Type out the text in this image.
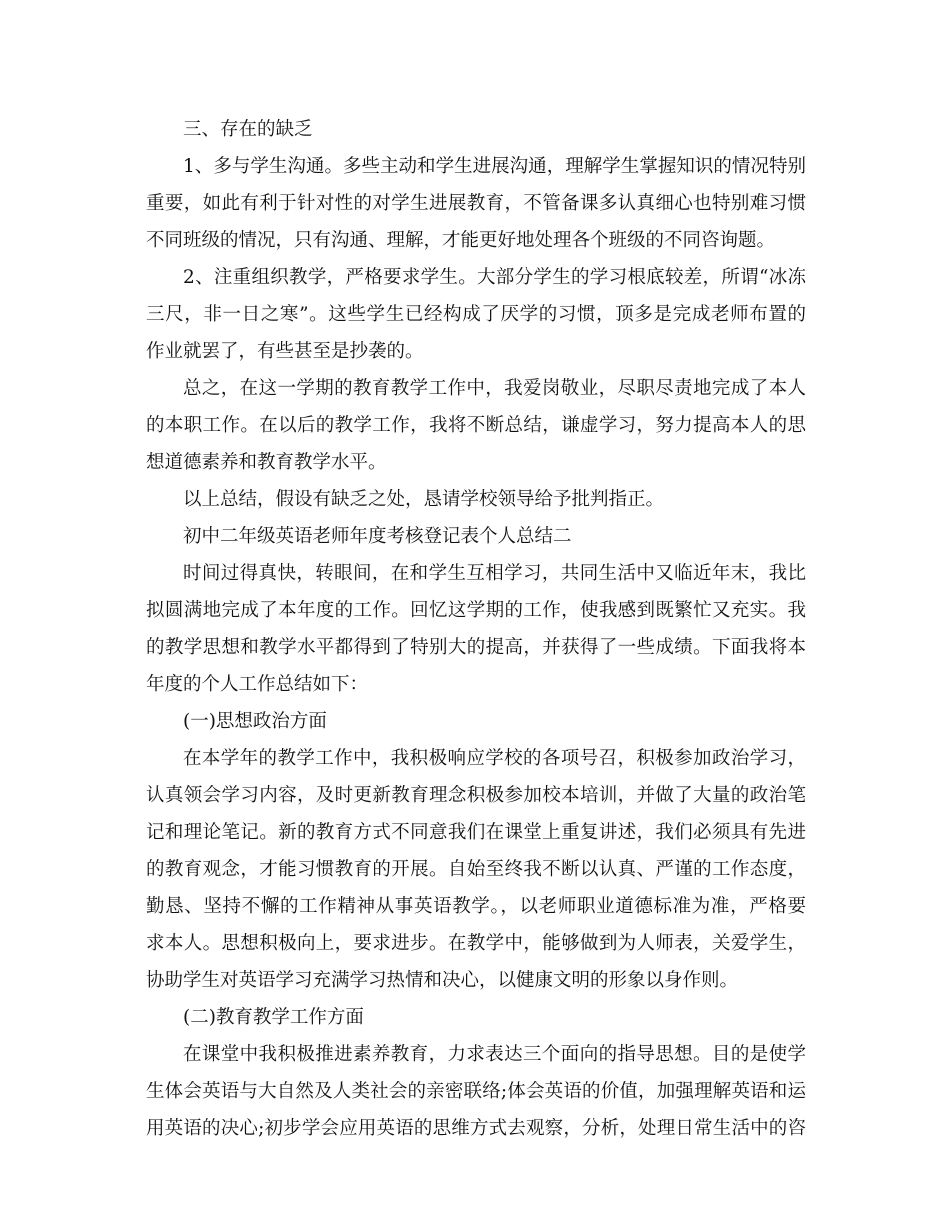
三、存在的缺乏
1、多与学生沟通。多些主动和学生进展沟通，理解学生掌握知识的情况特别
重要，如此有利于针对性的对学生进展教育，不管备课多认真细心也特别难习惯
不同班级的情况，只有沟通、理解，才能更好地处理各个班级的不同咨询题。
2、注重组织教学，严格要求学生。大部分学生的学习根底较差，所谓“冰冻
三尺，非一日之寒”。这些学生已经构成了厌学的习惯，顶多是完成老师布置的
作业就罢了，有些甚至是抄袭的。
总之，在这一学期的教育教学工作中，我爱岗敬业，尽职尽责地完成了本人
的本职工作。在以后的教学工作，我将不断总结，谦虚学习，努力提高本人的思
想道德素养和教育教学水平。
以上总结，假设有缺乏之处，恳请学校领导给予批判指正。
初中二年级英语老师年度考核登记表个人总结二
时间过得真快，转眼间，在和学生互相学习，共同生活中又临近年末，我比
拟圆满地完成了本年度的工作。回忆这学期的工作，使我感到既繁忙又充实。我
的教学思想和教学水平都得到了特别大的提高，并获得了一些成绩。下面我将本
年度的个人工作总结如下：
(一)思想政治方面
在本学年的教学工作中，我积极响应学校的各项号召，积极参加政治学习，
认真领会学习内容，及时更新教育理念积极参加校本培训，并做了大量的政治笔
记和理论笔记。新的教育方式不同意我们在课堂上重复讲述，我们必须具有先进
的教育观念，才能习惯教育的开展。自始至终我不断以认真、严谨的工作态度，
勤恳、坚持不懈的工作精神从事英语教学。，以老师职业道德标准为准，严格要
求本人。思想积极向上，要求进步。在教学中，能够做到为人师表，关爱学生，
协助学生对英语学习充满学习热情和决心，以健康文明的形象以身作则。
(二)教育教学工作方面
在课堂中我积极推进素养教育，力求表达三个面向的指导思想。目的是使学
生体会英语与大自然及人类社会的亲密联络;体会英语的价值，加强理解英语和运
用英语的决心;初步学会应用英语的思维方式去观察，分析，处理日常生活中的咨
